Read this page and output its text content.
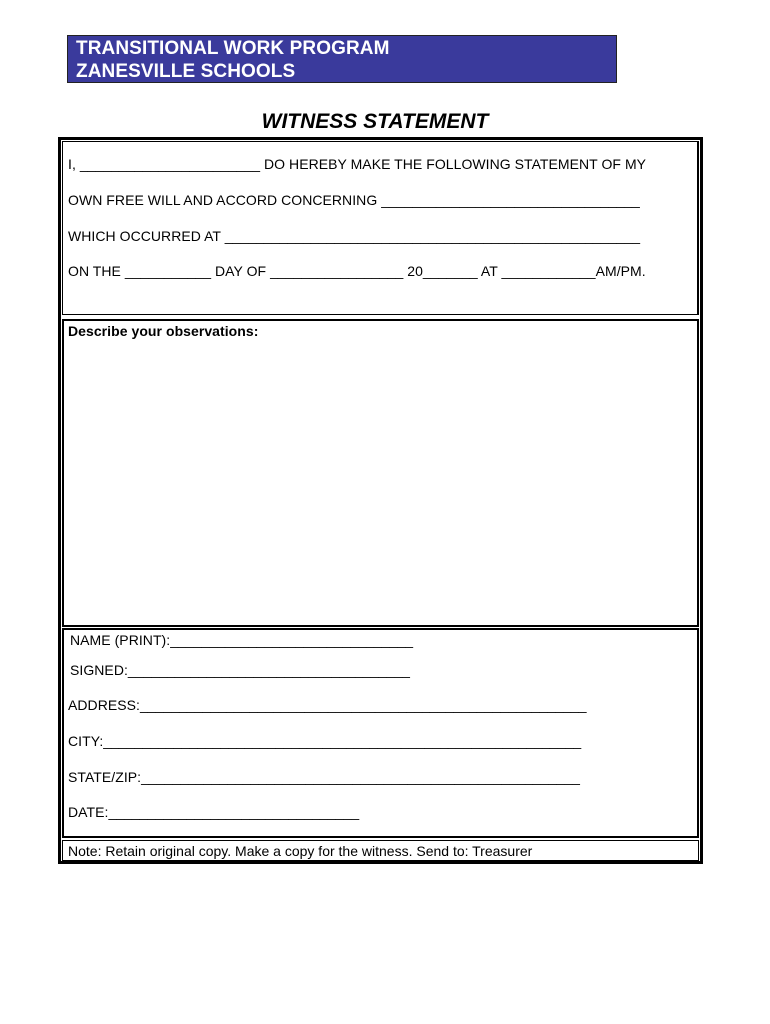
TRANSITIONAL WORK PROGRAM
ZANESVILLE SCHOOLS
WITNESS STATEMENT
I, _______________________ DO HEREBY MAKE THE FOLLOWING STATEMENT OF MY
OWN FREE WILL AND ACCORD CONCERNING _________________________________
WHICH OCCURRED AT _____________________________________________________
ON THE ___________ DAY OF _________________ 20_______ AT ____________AM/PM.
Describe your observations:
NAME (PRINT):_______________________________
SIGNED:____________________________________
ADDRESS:_________________________________________________________
CITY:_____________________________________________________________
STATE/ZIP:________________________________________________________
DATE:________________________________
Note: Retain original copy. Make a copy for the witness. Send to: Treasurer
